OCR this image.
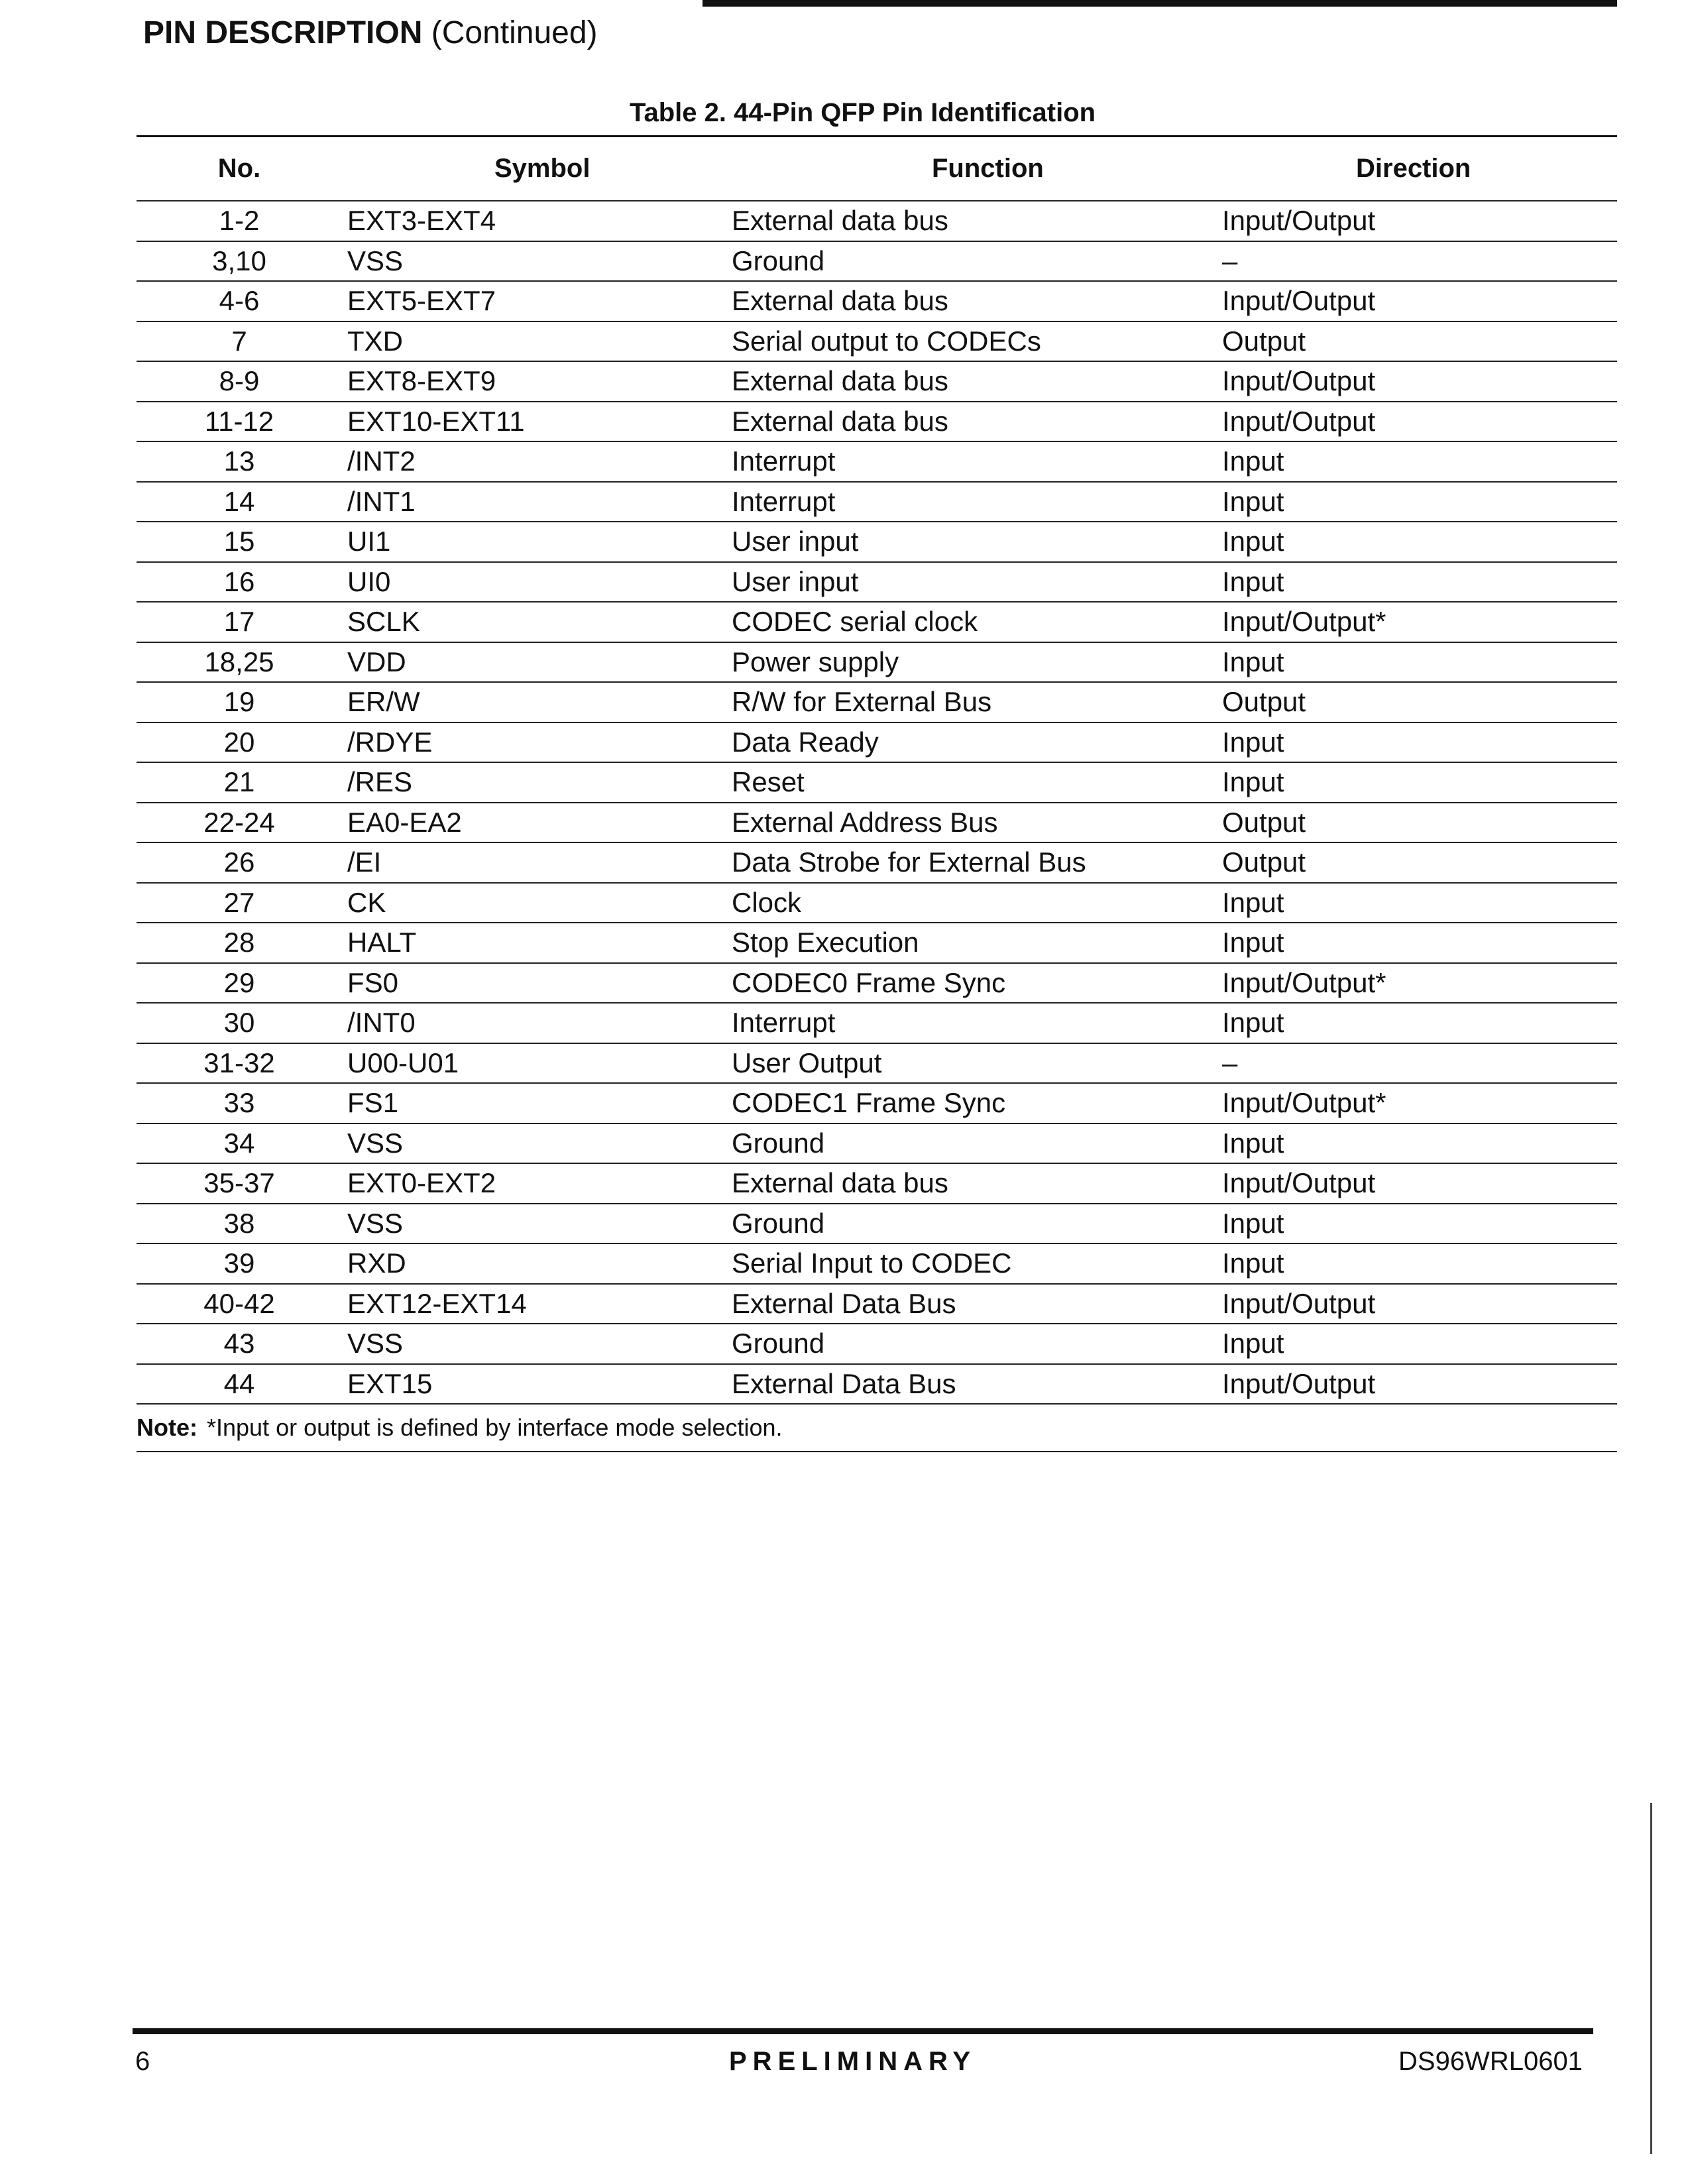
PIN DESCRIPTION (Continued)
Table 2. 44-Pin QFP Pin Identification
No.	Symbol	Function	Direction
1-2	EXT3-EXT4	External data bus	Input/Output
3,10	VSS	Ground	–
4-6	EXT5-EXT7	External data bus	Input/Output
7	TXD	Serial output to CODECs	Output
8-9	EXT8-EXT9	External data bus	Input/Output
11-12	EXT10-EXT11	External data bus	Input/Output
13	/INT2	Interrupt	Input
14	/INT1	Interrupt	Input
15	UI1	User input	Input
16	UI0	User input	Input
17	SCLK	CODEC serial clock	Input/Output*
18,25	VDD	Power supply	Input
19	ER/W	R/W for External Bus	Output
20	/RDYE	Data Ready	Input
21	/RES	Reset	Input
22-24	EA0-EA2	External Address Bus	Output
26	/EI	Data Strobe for External Bus	Output
27	CK	Clock	Input
28	HALT	Stop Execution	Input
29	FS0	CODEC0 Frame Sync	Input/Output*
30	/INT0	Interrupt	Input
31-32	U00-U01	User Output	–
33	FS1	CODEC1 Frame Sync	Input/Output*
34	VSS	Ground	Input
35-37	EXT0-EXT2	External data bus	Input/Output
38	VSS	Ground	Input
39	RXD	Serial Input to CODEC	Input
40-42	EXT12-EXT14	External Data Bus	Input/Output
43	VSS	Ground	Input
44	EXT15	External Data Bus	Input/Output
Note: *Input or output is defined by interface mode selection.
6	PRELIMINARY	DS96WRL0601
